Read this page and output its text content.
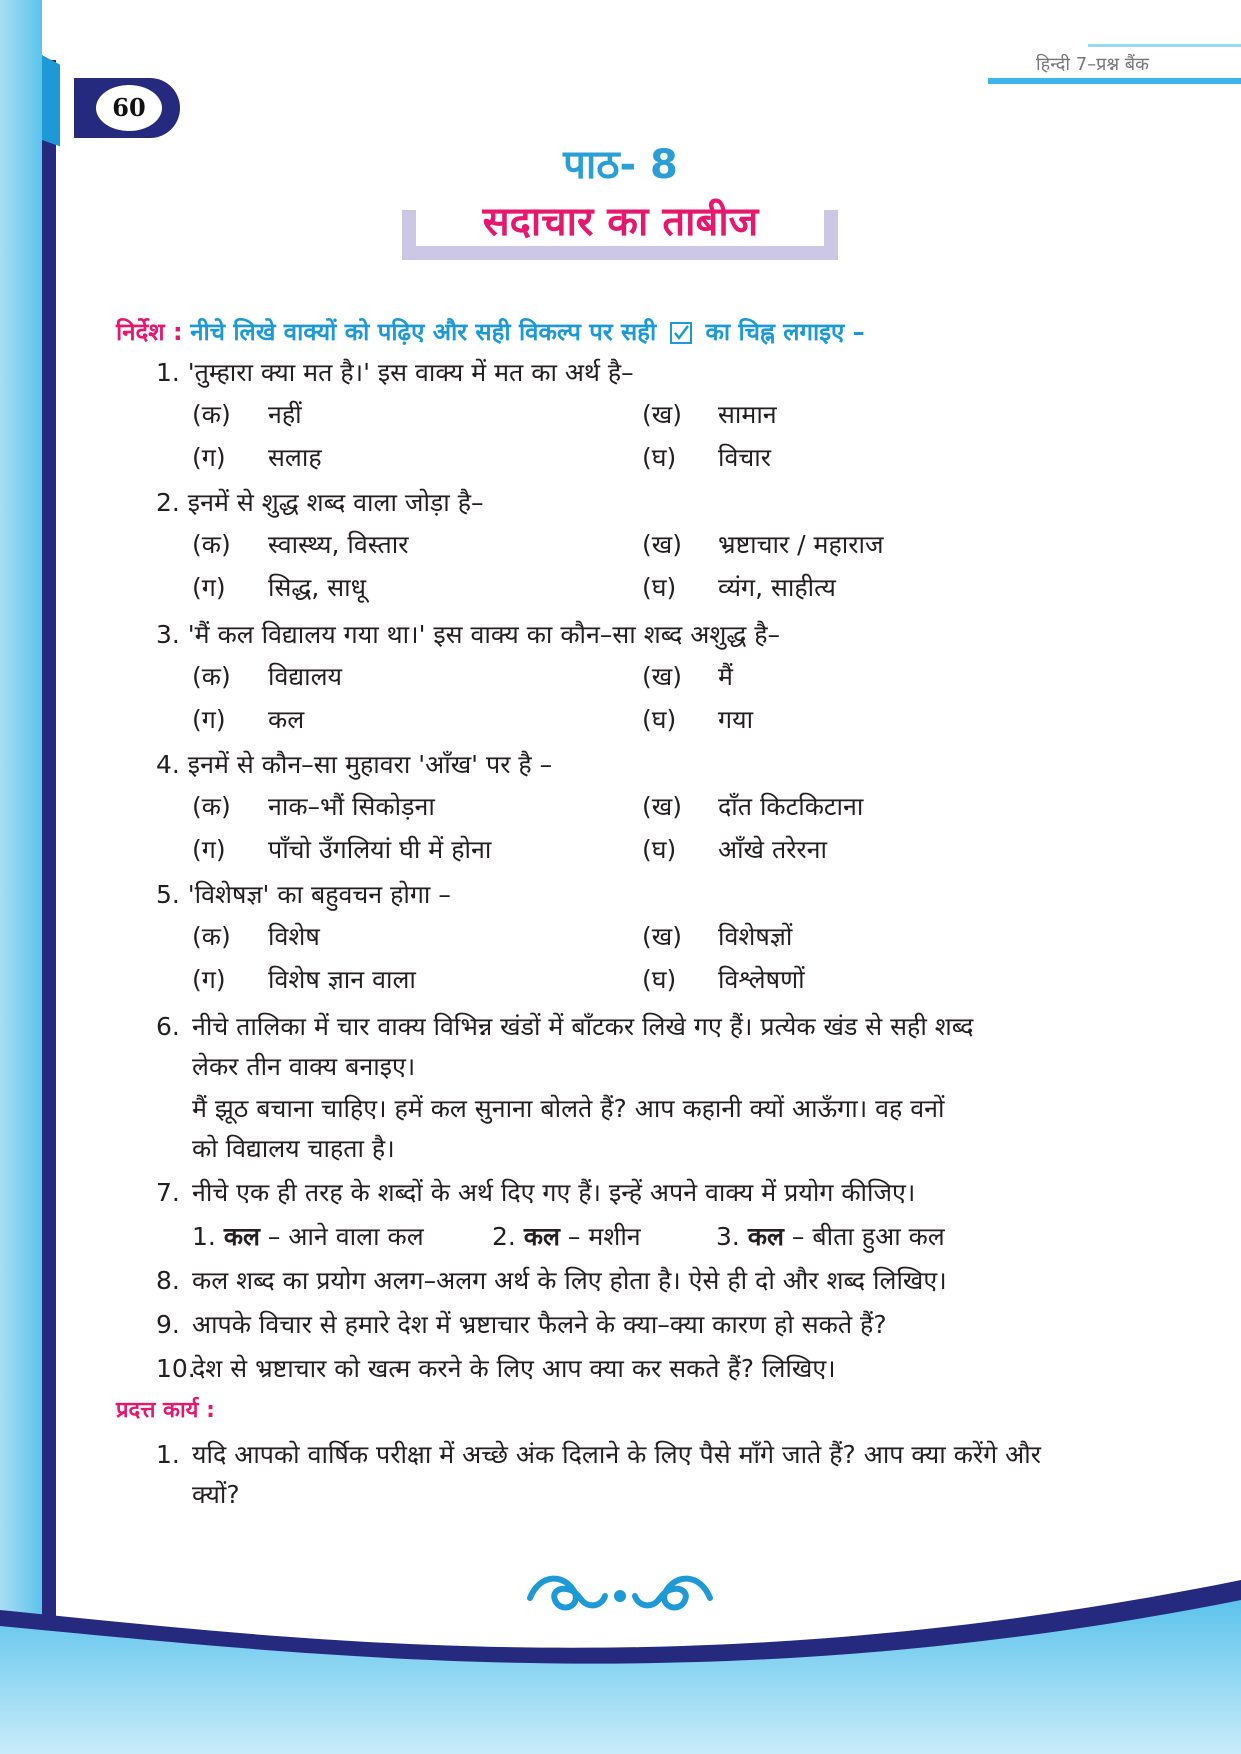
60
हिन्दी 7–प्रश्न बैंक
पाठ- 8
सदाचार का ताबीज
निर्देश : नीचे लिखे वाक्यों को पढ़िए और सही विकल्प पर सही का चिह्न लगाइए –
1. 'तुम्हारा क्या मत है।' इस वाक्य में मत का अर्थ है–
(क) नहीं	(ख) सामान
(ग) सलाह	(घ) विचार
2. इनमें से शुद्ध शब्द वाला जोड़ा है–
(क) स्वास्थ्य, विस्तार	(ख) भ्रष्टाचार / महाराज
(ग) सिद्ध, साधू	(घ) व्यंग, साहीत्य
3. 'मैं कल विद्यालय गया था।' इस वाक्य का कौन–सा शब्द अशुद्ध है–
(क) विद्यालय	(ख) मैं
(ग) कल	(घ) गया
4. इनमें से कौन–सा मुहावरा 'आँख' पर है –
(क) नाक–भौं सिकोड़ना	(ख) दाँत किटकिटाना
(ग) पाँचो उँगलियां घी में होना	(घ) आँखे तरेरना
5. 'विशेषज्ञ' का बहुवचन होगा –
(क) विशेष	(ख) विशेषज्ञों
(ग) विशेष ज्ञान वाला	(घ) विश्लेषणों
6. नीचे तालिका में चार वाक्य विभिन्न खंडों में बाँटकर लिखे गए हैं। प्रत्येक खंड से सही शब्द
लेकर तीन वाक्य बनाइए।
मैं झूठ बचाना चाहिए। हमें कल सुनाना बोलते हैं? आप कहानी क्यों आऊँगा। वह वनों
को विद्यालय चाहता है।
7. नीचे एक ही तरह के शब्दों के अर्थ दिए गए हैं। इन्हें अपने वाक्य में प्रयोग कीजिए।
1. कल – आने वाला कल	2. कल – मशीन	3. कल – बीता हुआ कल
8. कल शब्द का प्रयोग अलग–अलग अर्थ के लिए होता है। ऐसे ही दो और शब्द लिखिए।
9. आपके विचार से हमारे देश में भ्रष्टाचार फैलने के क्या–क्या कारण हो सकते हैं?
10.
देश से भ्रष्टाचार को खत्म करने के लिए आप क्या कर सकते हैं? लिखिए।
प्रदत्त कार्य :
1. यदि आपको वार्षिक परीक्षा में अच्छे अंक दिलाने के लिए पैसे माँगे जाते हैं? आप क्या करेंगे और
क्यों?
